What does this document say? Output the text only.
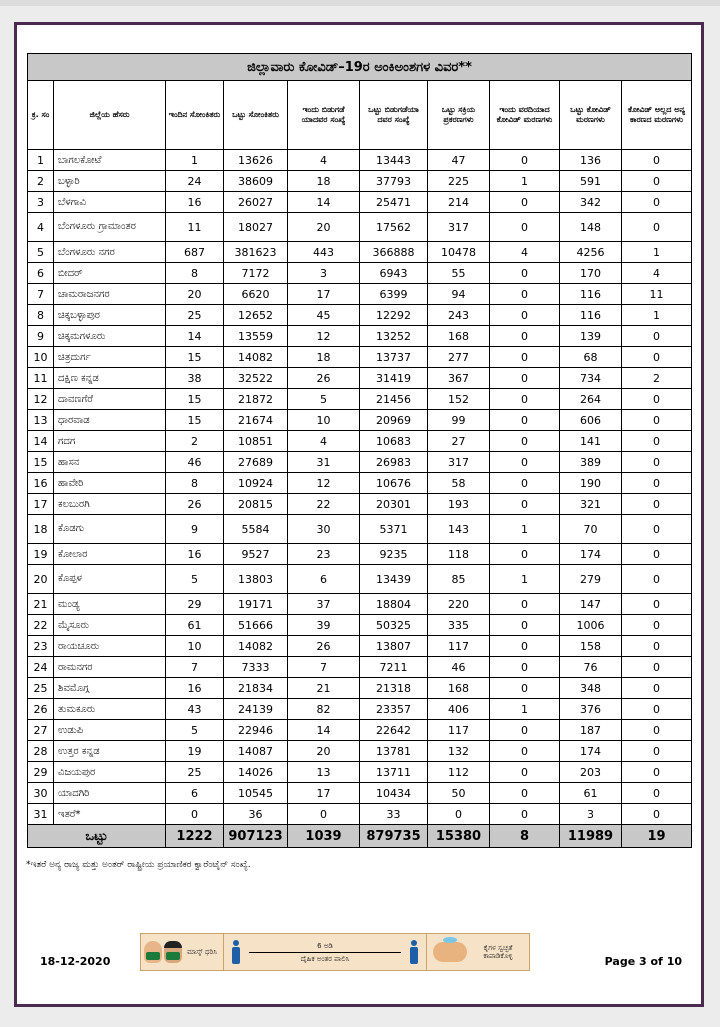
ಜಿಲ್ಲಾವಾರು ಕೋವಿಡ್–19ರ ಅಂಕಿಅಂಶಗಳ ವಿವರ**									
ಕ್ರ. ಸಂ	ಜಿಲ್ಲೆಯ ಹೆಸರು	ಇಂದಿನ ಸೋಂಕಿತರು	ಒಟ್ಟು ಸೋಂಕಿತರು	ಇಂದು ಬಿಡುಗಡೆ ಯಾದವರ ಸಂಖ್ಯೆ	ಒಟ್ಟು ಬಿಡುಗಡೆಯಾ ದವರ ಸಂಖ್ಯೆ	ಒಟ್ಟು ಸಕ್ರಿಯ ಪ್ರಕರಣಗಳು	ಇಂದು ವರದಿಯಾದ ಕೋವಿಡ್ ಮರಣಗಳು	ಒಟ್ಟು ಕೋವಿಡ್ ಮರಣಗಳು	ಕೋವಿಡ್ ಅಲ್ಲದ ಅನ್ಯ ಕಾರಣದ ಮರಣಗಳು
1	ಬಾಗಲಕೋಟೆ	1	13626	4	13443	47	0	136	0
2	ಬಳ್ಳಾರಿ	24	38609	18	37793	225	1	591	0
3	ಬೆಳಗಾವಿ	16	26027	14	25471	214	0	342	0
4	ಬೆಂಗಳೂರು ಗ್ರಾಮಾಂತರ	11	18027	20	17562	317	0	148	0
5	ಬೆಂಗಳೂರು ನಗರ	687	381623	443	366888	10478	4	4256	1
6	ಬೀದರ್	8	7172	3	6943	55	0	170	4
7	ಚಾಮರಾಜನಗರ	20	6620	17	6399	94	0	116	11
8	ಚಿಕ್ಕಬಳ್ಳಾಪುರ	25	12652	45	12292	243	0	116	1
9	ಚಿಕ್ಕಮಗಳೂರು	14	13559	12	13252	168	0	139	0
10	ಚಿತ್ರದುರ್ಗ	15	14082	18	13737	277	0	68	0
11	ದಕ್ಷಿಣ ಕನ್ನಡ	38	32522	26	31419	367	0	734	2
12	ದಾವಣಗೆರೆ	15	21872	5	21456	152	0	264	0
13	ಧಾರವಾಡ	15	21674	10	20969	99	0	606	0
14	ಗದಗ	2	10851	4	10683	27	0	141	0
15	ಹಾಸನ	46	27689	31	26983	317	0	389	0
16	ಹಾವೇರಿ	8	10924	12	10676	58	0	190	0
17	ಕಲಬುರಗಿ	26	20815	22	20301	193	0	321	0
18	ಕೊಡಗು	9	5584	30	5371	143	1	70	0
19	ಕೋಲಾರ	16	9527	23	9235	118	0	174	0
20	ಕೊಪ್ಪಳ	5	13803	6	13439	85	1	279	0
21	ಮಂಡ್ಯ	29	19171	37	18804	220	0	147	0
22	ಮೈಸೂರು	61	51666	39	50325	335	0	1006	0
23	ರಾಯಚೂರು	10	14082	26	13807	117	0	158	0
24	ರಾಮನಗರ	7	7333	7	7211	46	0	76	0
25	ಶಿವಮೊಗ್ಗ	16	21834	21	21318	168	0	348	0
26	ತುಮಕೂರು	43	24139	82	23357	406	1	376	0
27	ಉಡುಪಿ	5	22946	14	22642	117	0	187	0
28	ಉತ್ತರ ಕನ್ನಡ	19	14087	20	13781	132	0	174	0
29	ವಿಜಯಪುರ	25	14026	13	13711	112	0	203	0
30	ಯಾದಗಿರಿ	6	10545	17	10434	50	0	61	0
31	ಇತರೆ*	0	36	0	33	0	0	3	0
ಒಟ್ಟು		1222	907123	1039	879735	15380	8	11989	19
*ಇತರೆ ಅನ್ಯ ರಾಜ್ಯ ಮತ್ತು ಅಂತರ್ ರಾಷ್ಟ್ರೀಯ ಪ್ರಯಾಣಿಕರ ಕ್ವಾರೆಂಟೈನ್ ಸಂಖ್ಯೆ.
ಮಾಸ್ಕ್ ಧರಿಸಿ
6 ಅಡಿ
ದೈಹಿಕ ಅಂತರ ಪಾಲಿಸಿ
ಕೈಗಳ ಸ್ವಚ್ಛತೆ ಕಾಪಾಡಿಕೊಳ್ಳಿ
18-12-2020	Page 3 of 10
